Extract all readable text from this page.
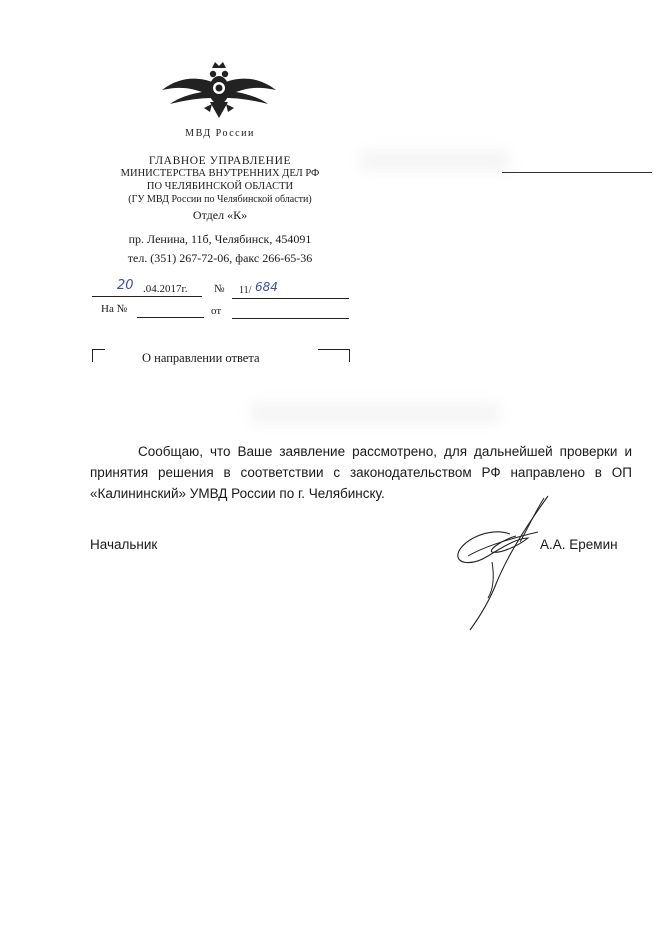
МВД России
ГЛАВНОЕ УПРАВЛЕНИЕ
МИНИСТЕРСТВА ВНУТРЕННИХ ДЕЛ РФ
ПО ЧЕЛЯБИНСКОЙ ОБЛАСТИ
(ГУ МВД России по Челябинской области)
Отдел «К»
пр. Ленина, 11б, Челябинск, 454091
тел. (351) 267-72-06, факс 266-65-36
20 .04.2017г. № 11/ 684
На №	от
О направлении ответа
Сообщаю, что Ваше заявление рассмотрено, для дальнейшей проверки и принятия решения в соответствии с законодательством РФ направлено в ОП «Калининский» УМВД России по г. Челябинску.
Начальник	А.А. Еремин
